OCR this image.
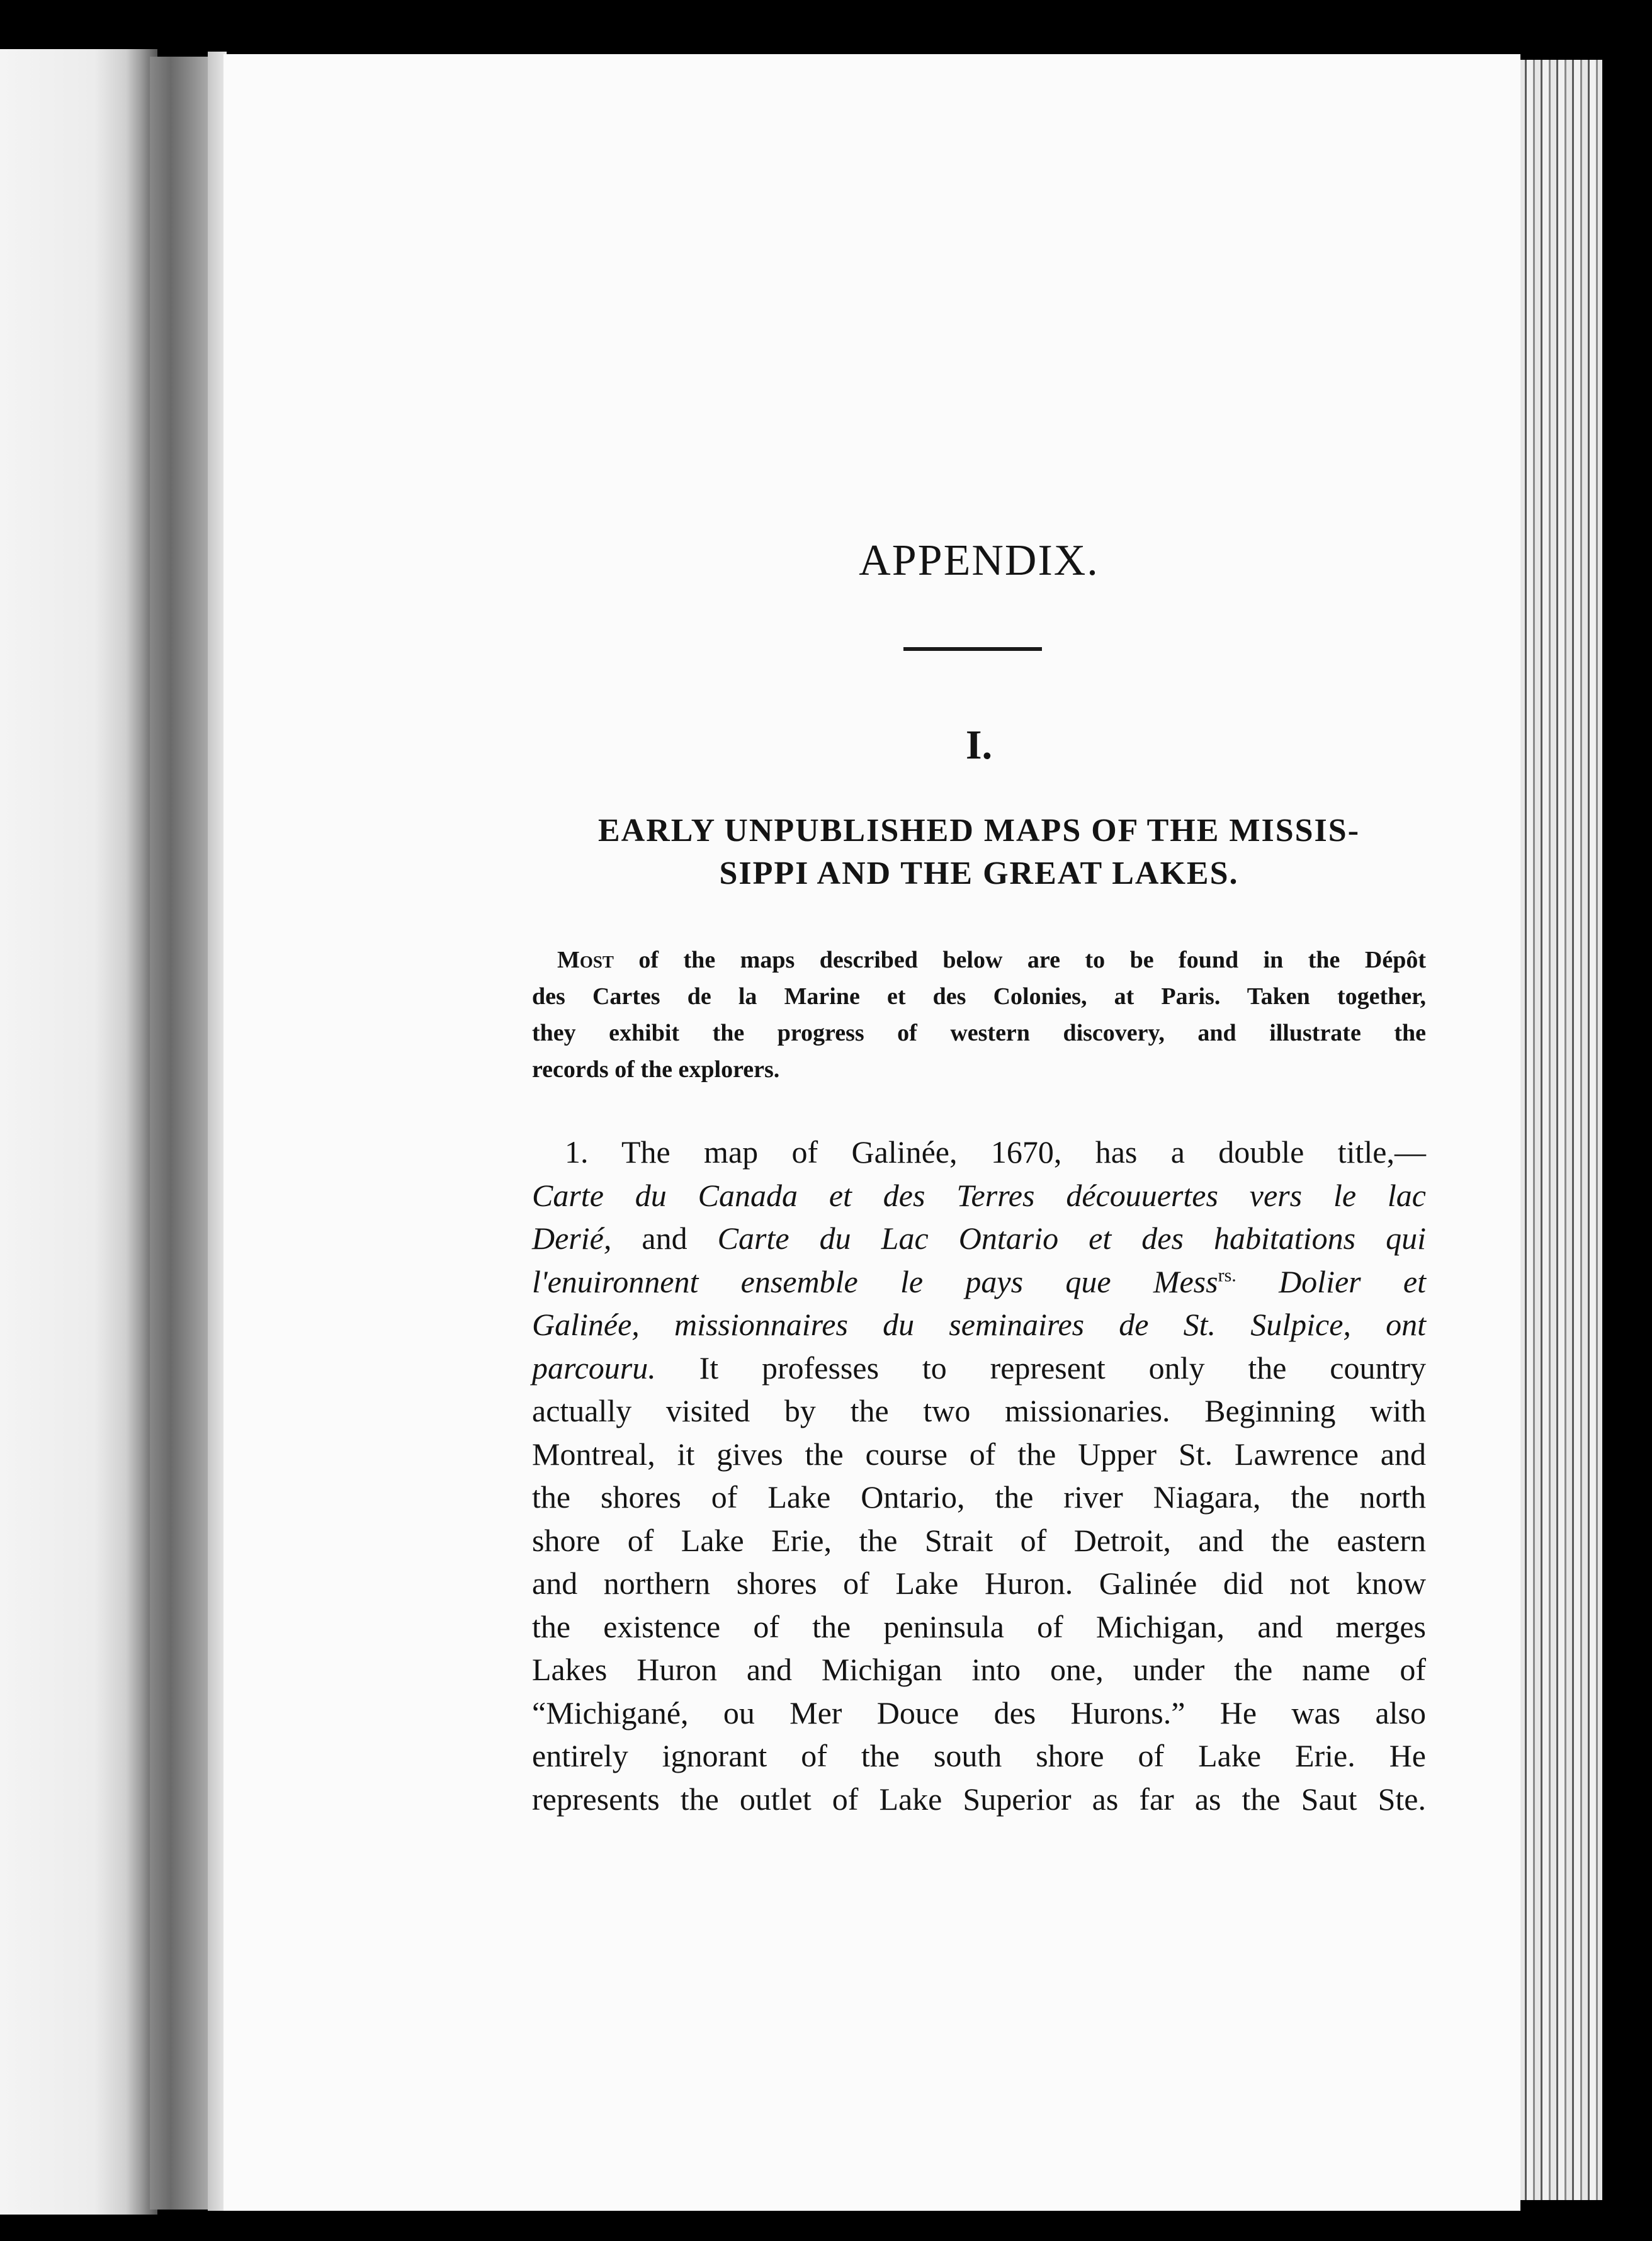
APPENDIX.
I.
EARLY UNPUBLISHED MAPS OF THE MISSIS-
SIPPI AND THE GREAT LAKES.
Most of the maps described below are to be found in the Dépôt
des Cartes de la Marine et des Colonies, at Paris. Taken together,
they exhibit the progress of western discovery, and illustrate the
records of the explorers.
1. The map of Galinée, 1670, has a double title,—
Carte du Canada et des Terres découuertes vers le lac
Derié, and Carte du Lac Ontario et des habitations qui
l'enuironnent ensemble le pays que Mess$^{rs.}$ Dolier et
Galinée, missionnaires du seminaires de St. Sulpice, ont
parcouru. It professes to represent only the country
actually visited by the two missionaries. Beginning with
Montreal, it gives the course of the Upper St. Lawrence and
the shores of Lake Ontario, the river Niagara, the north
shore of Lake Erie, the Strait of Detroit, and the eastern
and northern shores of Lake Huron. Galinée did not know
the existence of the peninsula of Michigan, and merges
Lakes Huron and Michigan into one, under the name of
“Michigané, ou Mer Douce des Hurons.” He was also
entirely ignorant of the south shore of Lake Erie. He
represents the outlet of Lake Superior as far as the Saut Ste.
